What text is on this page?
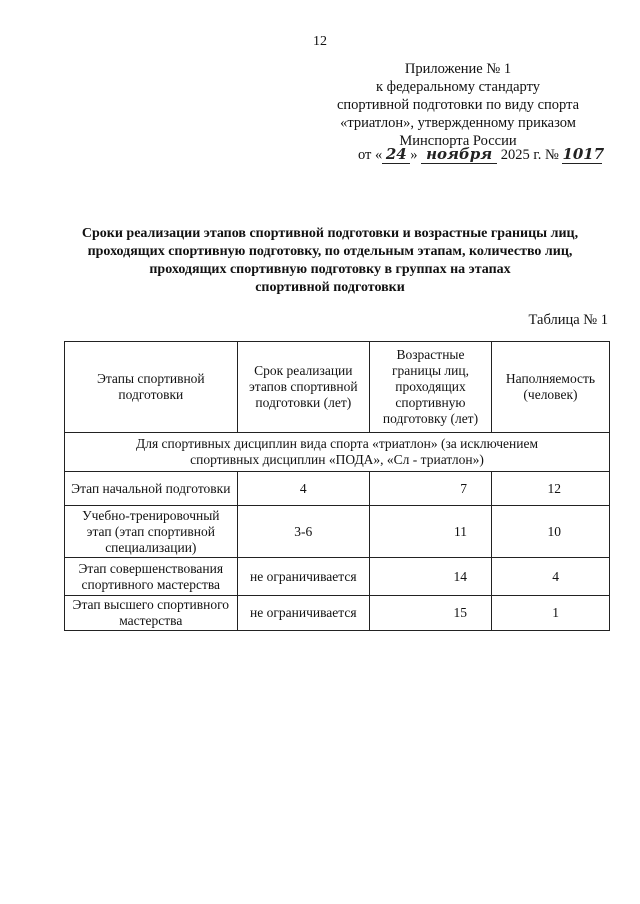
12
Приложение № 1
к федеральному стандарту
спортивной подготовки по виду спорта
«триатлон», утвержденному приказом
Минспорта России
от « 24 » ноября 2025 г. № 1017
Сроки реализации этапов спортивной подготовки и возрастные границы лиц,
проходящих спортивную подготовку, по отдельным этапам, количество лиц,
проходящих спортивную подготовку в группах на этапах
спортивной подготовки
Таблица № 1
Этапы спортивной подготовки	Срок реализации этапов спортивной подготовки (лет)	Возрастные границы лиц, проходящих спортивную подготовку (лет)	Наполняемость (человек)
Для спортивных дисциплин вида спорта «триатлон» (за исключением спортивных дисциплин «ПОДА», «Сл - триатлон»)			
Этап начальной подготовки	4	7	12
Учебно-тренировочный этап (этап спортивной специализации)	3-6	11	10
Этап совершенствования спортивного мастерства	не ограничивается	14	4
Этап высшего спортивного мастерства	не ограничивается	15	1
